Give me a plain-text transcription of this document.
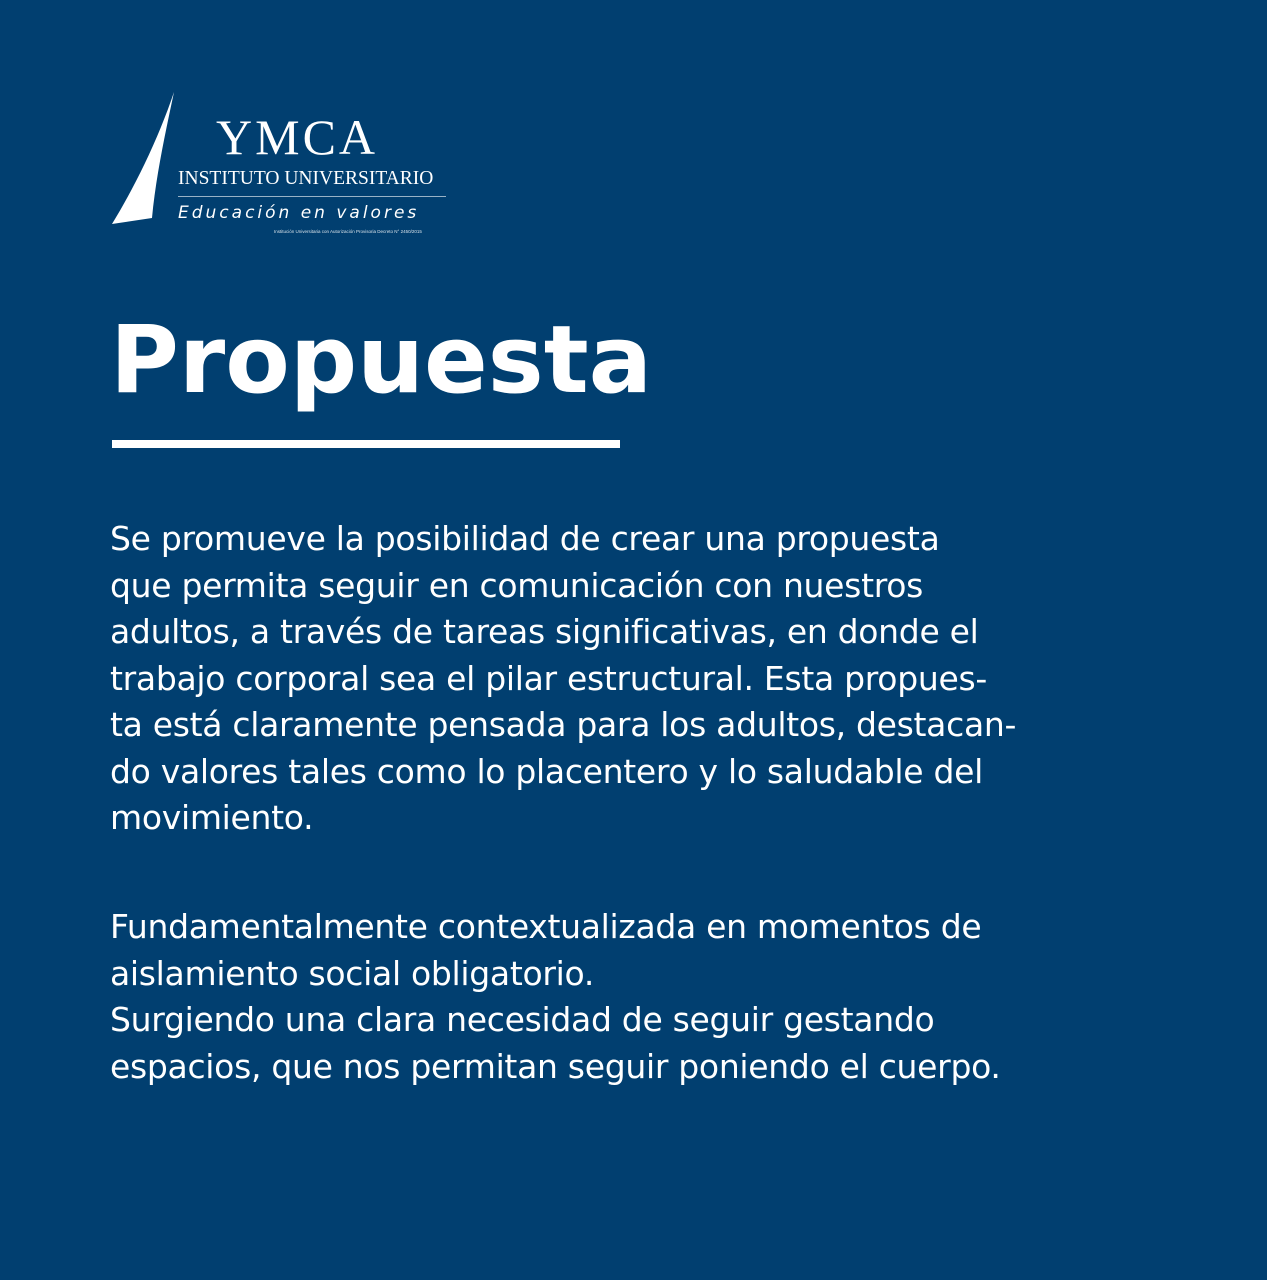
YMCA
INSTITUTO UNIVERSITARIO
Educación en valores
Institución Universitaria con Autorización Provisoria Decreto N° 2450/2015
Propuesta
Se promueve la posibilidad de crear una propuesta
que permita seguir en comunicación con nuestros
adultos, a través de tareas significativas, en donde el
trabajo corporal sea el pilar estructural. Esta propues-
ta está claramente pensada para los adultos, destacan-
do valores tales como lo placentero y lo saludable del
movimiento.
Fundamentalmente contextualizada en momentos de
aislamiento social obligatorio.
Surgiendo una clara necesidad de seguir gestando
espacios, que nos permitan seguir poniendo el cuerpo.
